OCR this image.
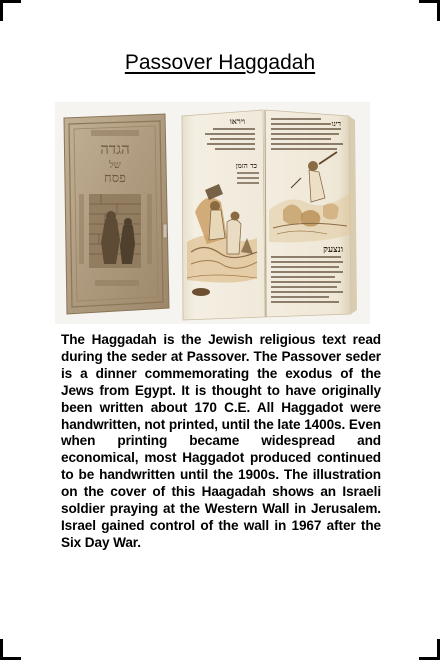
Passover Haggadah
הגדה
של
פסח
ויראו
כד הזמן
דינו
ונצעק

The Haggadah is the Jewish religious text read during the seder at Passover. The Passover seder is a dinner commemorating the exodus of the Jews from Egypt. It is thought to have originally been written about 170 C.E. All Haggadot were handwritten, not printed, until the late 1400s. Even when printing became widespread and economical, most Haggadot produced continued to be handwritten until the 1900s. The illustration on the cover of this Haagadah shows an Israeli soldier praying at the Western Wall in Jerusalem. Israel gained control of the wall in 1967 after the Six Day War.
